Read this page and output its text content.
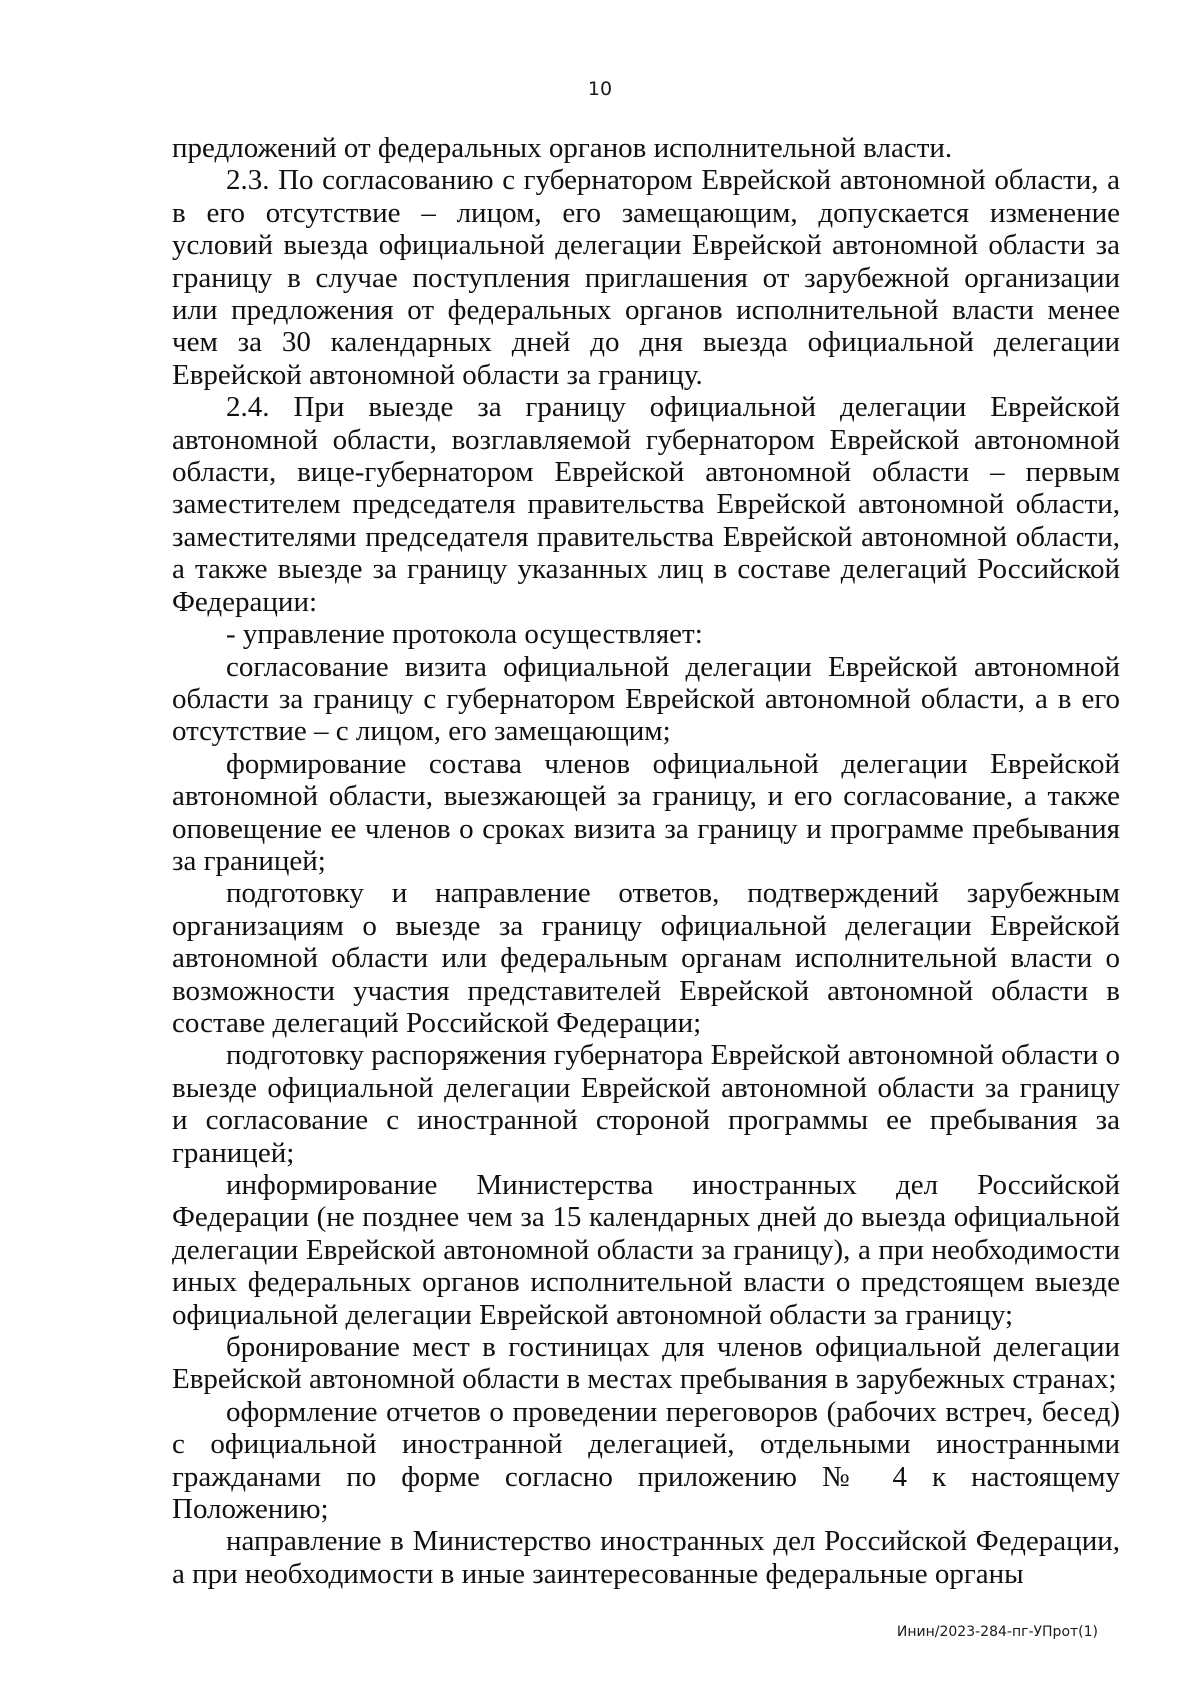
10

предложений от федеральных органов исполнительной власти.

2.3. По согласованию с губернатором Еврейской автономной области, а в его отсутствие – лицом, его замещающим, допускается изменение условий выезда официальной делегации Еврейской автономной области за границу в случае поступления приглашения от зарубежной организации или предложения от федеральных органов исполнительной власти менее чем за 30 календарных дней до дня выезда официальной делегации Еврейской автономной области за границу.

2.4. При выезде за границу официальной делегации Еврейской автономной области, возглавляемой губернатором Еврейской автономной области, вице-губернатором Еврейской автономной области – первым заместителем председателя правительства Еврейской автономной области, заместителями председателя правительства Еврейской автономной области, а также выезде за границу указанных лиц в составе делегаций Российской Федерации:

- управление протокола осуществляет:

согласование визита официальной делегации Еврейской автономной области за границу с губернатором Еврейской автономной области, а в его отсутствие – с лицом, его замещающим;

формирование состава членов официальной делегации Еврейской автономной области, выезжающей за границу, и его согласование, а также оповещение ее членов о сроках визита за границу и программе пребывания за границей;

подготовку и направление ответов, подтверждений зарубежным организациям о выезде за границу официальной делегации Еврейской автономной области или федеральным органам исполнительной власти о возможности участия представителей Еврейской автономной области в составе делегаций Российской Федерации;

подготовку распоряжения губернатора Еврейской автономной области о выезде официальной делегации Еврейской автономной области за границу и согласование с иностранной стороной программы ее пребывания за границей;

информирование Министерства иностранных дел Российской Федерации (не позднее чем за 15 календарных дней до выезда официальной делегации Еврейской автономной области за границу), а при необходимости иных федеральных органов исполнительной власти о предстоящем выезде официальной делегации Еврейской автономной области за границу;

бронирование мест в гостиницах для членов официальной делегации Еврейской автономной области в местах пребывания в зарубежных странах;

оформление отчетов о проведении переговоров (рабочих встреч, бесед) с официальной иностранной делегацией, отдельными иностранными гражданами по форме согласно приложению № 4 к настоящему Положению;

направление в Министерство иностранных дел Российской Федерации, а при необходимости в иные заинтересованные федеральные органы

Инин/2023-284-пг-УПрот(1)
